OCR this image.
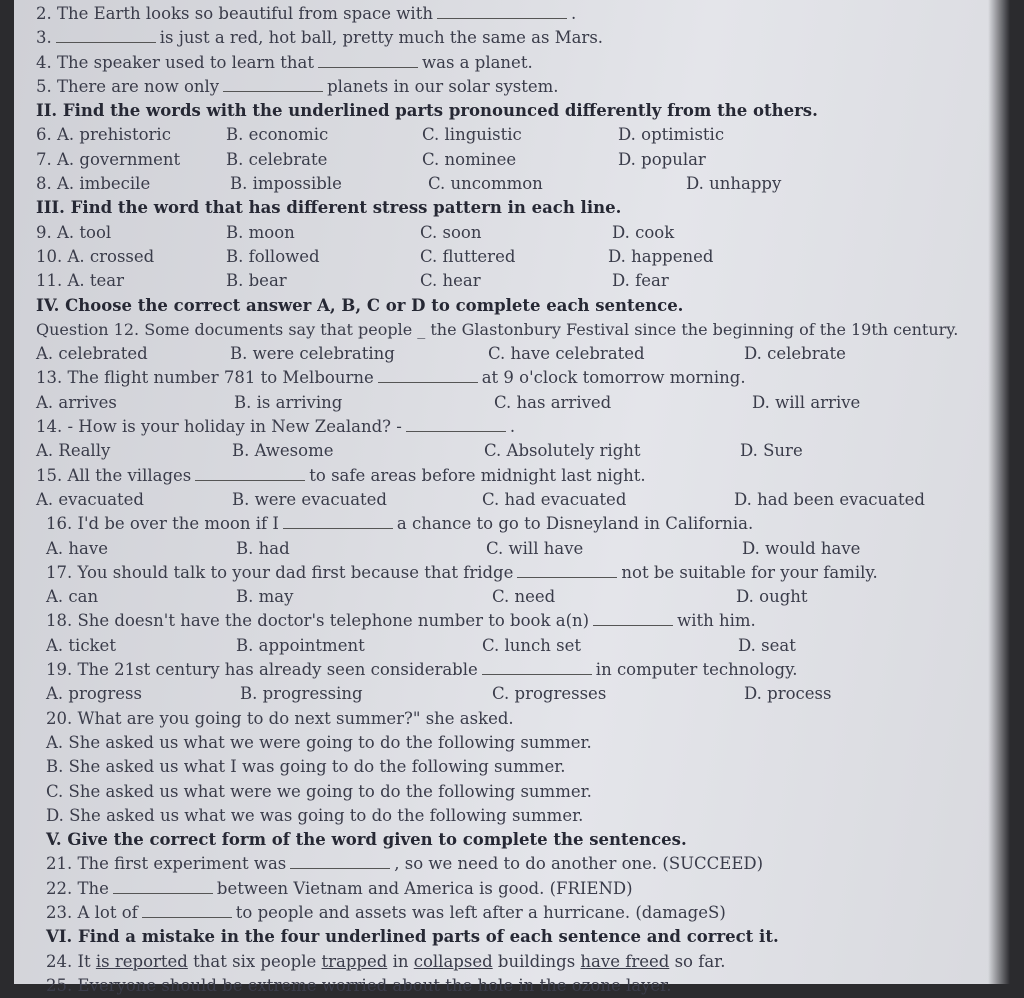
2. The Earth looks so beautiful from space with	.
3.	is just a red, hot ball, pretty much the same as Mars.
4. The speaker used to learn that	was a planet.
5. There are now only	planets in our solar system.
II. Find the words with the underlined parts pronounced differently from the others.
6. A. prehistoric	B. economic	C. linguistic	D. optimistic
7. A. government	B. celebrate	C. nominee	D. popular
8. A. imbecile	B. impossible	C. uncommon	D. unhappy
III. Find the word that has different stress pattern in each line.
9. A. tool	B. moon	C. soon	D. cook
10. A. crossed	B. followed	C. fluttered	D. happened
11. A. tear	B. bear	C. hear	D. fear
IV. Choose the correct answer A, B, C or D to complete each sentence.
Question 12. Some documents say that people _ the Glastonbury Festival since the beginning of the 19th century.
A. celebrated	B. were celebrating	C. have celebrated	D. celebrate
13. The flight number 781 to Melbourne	at 9 o'clock tomorrow morning.
A. arrives	B. is arriving	C. has arrived	D. will arrive
14. - How is your holiday in New Zealand? -	.
A. Really	B. Awesome	C. Absolutely right	D. Sure
15. All the villages	to safe areas before midnight last night.
A. evacuated	B. were evacuated	C. had evacuated	D. had been evacuated
16. I'd be over the moon if I	a chance to go to Disneyland in California.
A. have	B. had	C. will have	D. would have
17. You should talk to your dad first because that fridge	not be suitable for your family.
A. can	B. may	C. need	D. ought
18. She doesn't have the doctor's telephone number to book a(n)	with him.
A. ticket	B. appointment	C. lunch set	D. seat
19. The 21st century has already seen considerable	in computer technology.
A. progress	B. progressing	C. progresses	D. process
20. What are you going to do next summer?" she asked.
A. She asked us what we were going to do the following summer.
B. She asked us what I was going to do the following summer.
C. She asked us what were we going to do the following summer.
D. She asked us what we was going to do the following summer.
V. Give the correct form of the word given to complete the sentences.
21. The first experiment was	, so we need to do another one. (SUCCEED)
22. The	between Vietnam and America is good. (FRIEND)
23. A lot of	to people and assets was left after a hurricane. (damageS)
VI. Find a mistake in the four underlined parts of each sentence and correct it.
24. It is reported that six people trapped in collapsed buildings have freed so far.
25. Everyone should be extreme worried about the hole in the ozone layer.
